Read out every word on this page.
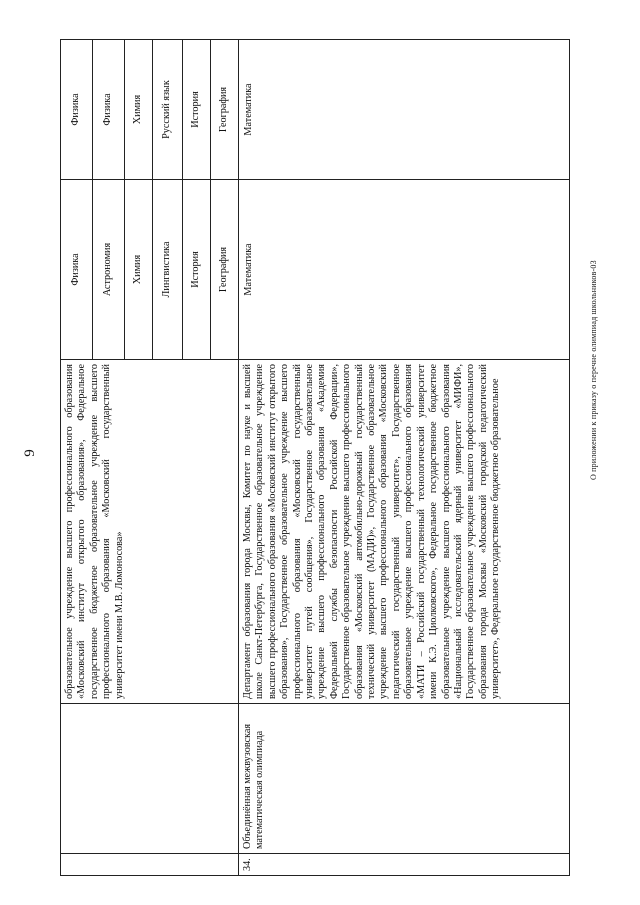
9	О приложении к приказу о перечне олимпиад школьников-03
		образовательное учреждение высшего профессионального образования «Московский институт открытого образования», Федеральное государственное бюджетное образовательное учреждение высшего профессионального образования «Московский государственный университет имени М.В. Ломоносова»	Физика	Физика
			Астрономия	Физика
			Химия	Химия
			Лингвистика	Русский язык
			История	История
			География	География
34.	Объединённая межвузовская математическая олимпиада	Департамент образования города Москвы, Комитет по науке и высшей школе Санкт-Петербурга, Государственное образовательное учреждение высшего профессионального образования «Московский институт открытого образования», Государственное образовательное учреждение высшего профессионального образования «Московский государственный университет путей сообщения», Государственное образовательное учреждение высшего профессионального образования «Академия Федеральной службы безопасности Российской Федерации», Государственное образовательное учреждение высшего профессионального образования «Московский автомобильно-дорожный государственный технический университет (МАДИ)», Государственное образовательное учреждение высшего профессионального образования «Московский педагогический государственный университет», Государственное образовательное учреждение высшего профессионального образования «МАТИ – Российский государственный технологический университет имени К.Э. Циолковского», Федеральное государственное бюджетное образовательное учреждение высшего профессионального образования «Национальный исследовательский ядерный университет «МИФИ», Государственное образовательное учреждение высшего профессионального образования города Москвы «Московский городской педагогический университет», Федеральное государственное бюджетное образовательное	Математика	Математика
